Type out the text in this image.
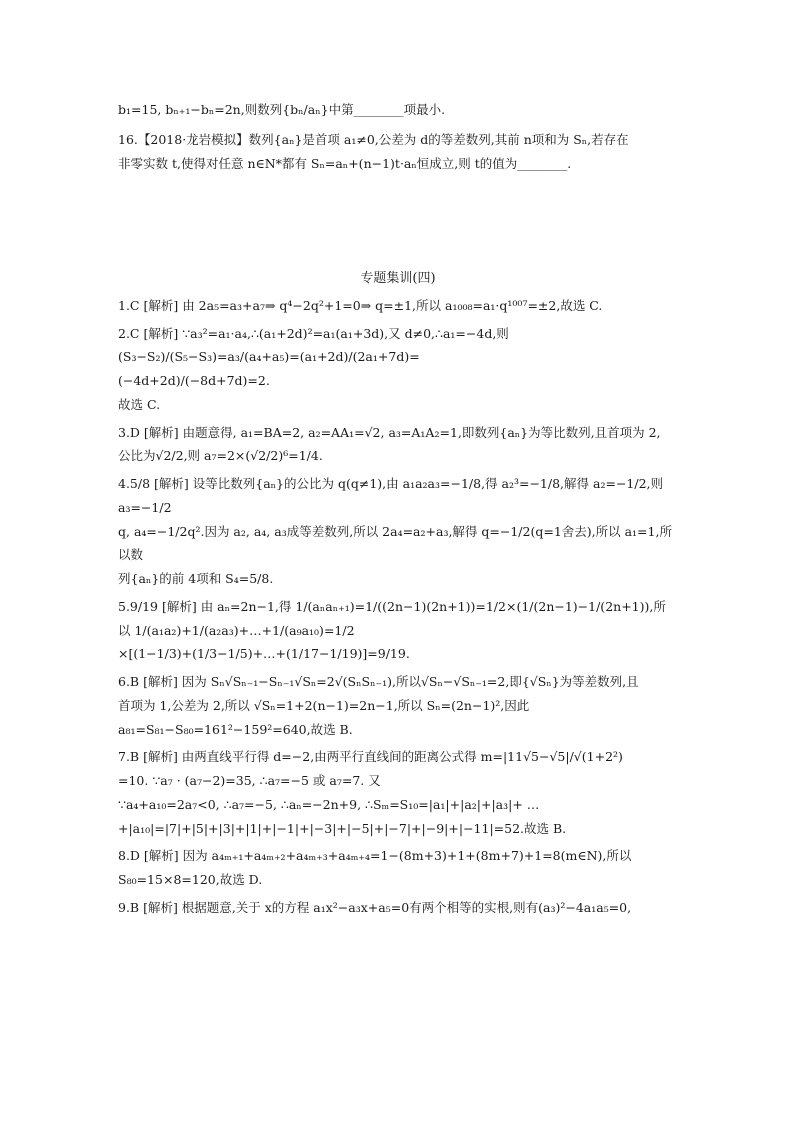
b₁=15, bₙ₊₁−bₙ=2n,则数列{bₙ/aₙ}中第________项最小.
16.【2018·龙岩模拟】数列{aₙ}是首项 a₁≠0,公差为 d的等差数列,其前 n项和为 Sₙ,若存在
非零实数 t,使得对任意 n∈N*都有 Sₙ=aₙ+(n−1)t·aₙ恒成立,则 t的值为________.
专题集训(四)
1.C [解析] 由 2a₅=a₃+a₇⇒ q⁴−2q²+1=0⇒ q=±1,所以 a₁₀₀₈=a₁·q¹⁰⁰⁷=±2,故选 C.
2.C [解析] ∵a₃²=a₁·a₄,∴(a₁+2d)²=a₁(a₁+3d),又 d≠0,∴a₁=−4d,则(S₃−S₂)/(S₅−S₃)=a₃/(a₄+a₅)=(a₁+2d)/(2a₁+7d)=
(−4d+2d)/(−8d+7d)=2.
故选 C.
3.D [解析] 由题意得, a₁=BA=2, a₂=AA₁=√2, a₃=A₁A₂=1,即数列{aₙ}为等比数列,且首项为 2,
公比为√2/2,则 a₇=2×(√2/2)⁶=1/4.
4.5/8 [解析] 设等比数列{aₙ}的公比为 q(q≠1),由 a₁a₂a₃=−1/8,得 a₂³=−1/8,解得 a₂=−1/2,则 a₃=−1/2
q, a₄=−1/2q².因为 a₂, a₄, a₃成等差数列,所以 2a₄=a₂+a₃,解得 q=−1/2(q=1舍去),所以 a₁=1,所以数
列{aₙ}的前 4项和 S₄=5/8.
5.9/19 [解析] 由 aₙ=2n−1,得 1/(aₙaₙ₊₁)=1/((2n−1)(2n+1))=1/2×(1/(2n−1)−1/(2n+1)),所以 1/(a₁a₂)+1/(a₂a₃)+…+1/(a₉a₁₀)=1/2
×[(1−1/3)+(1/3−1/5)+…+(1/17−1/19)]=9/19.
6.B [解析] 因为 Sₙ√Sₙ₋₁−Sₙ₋₁√Sₙ=2√(SₙSₙ₋₁),所以√Sₙ−√Sₙ₋₁=2,即{√Sₙ}为等差数列,且
首项为 1,公差为 2,所以 √Sₙ=1+2(n−1)=2n−1,所以 Sₙ=(2n−1)²,因此
a₈₁=S₈₁−S₈₀=161²−159²=640,故选 B.
7.B [解析] 由两直线平行得 d=−2,由两平行直线间的距离公式得 m=|11√5−√5|/√(1+2²)
=10. ∵a₇ · (a₇−2)=35, ∴a₇=−5 或 a₇=7. 又
∵a₄+a₁₀=2a₇<0, ∴a₇=−5, ∴aₙ=−2n+9, ∴Sₘ=S₁₀=|a₁|+|a₂|+|a₃|+ …
+|a₁₀|=|7|+|5|+|3|+|1|+|−1|+|−3|+|−5|+|−7|+|−9|+|−11|=52.故选 B.
8.D [解析] 因为 a₄ₘ₊₁+a₄ₘ₊₂+a₄ₘ₊₃+a₄ₘ₊₄=1−(8m+3)+1+(8m+7)+1=8(m∈N),所以
S₈₀=15×8=120,故选 D.
9.B [解析] 根据题意,关于 x的方程 a₁x²−a₃x+a₅=0有两个相等的实根,则有(a₃)²−4a₁a₅=0,
